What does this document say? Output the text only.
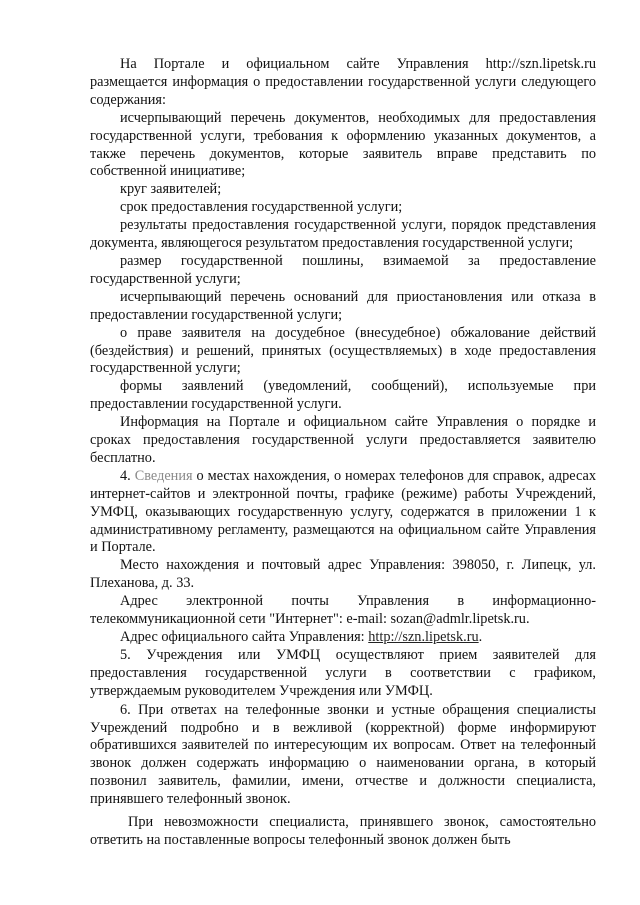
На Портале и официальном сайте Управления http://szn.lipetsk.ru размещается информация о предоставлении государственной услуги следующего содержания:

исчерпывающий перечень документов, необходимых для предоставления государственной услуги, требования к оформлению указанных документов, а также перечень документов, которые заявитель вправе представить по собственной инициативе;

круг заявителей;

срок предоставления государственной услуги;

результаты предоставления государственной услуги, порядок представления документа, являющегося результатом предоставления государственной услуги;

размер государственной пошлины, взимаемой за предоставление государственной услуги;

исчерпывающий перечень оснований для приостановления или отказа в предоставлении государственной услуги;

о праве заявителя на досудебное (внесудебное) обжалование действий (бездействия) и решений, принятых (осуществляемых) в ходе предоставления государственной услуги;

формы заявлений (уведомлений, сообщений), используемые при предоставлении государственной услуги.

Информация на Портале и официальном сайте Управления о порядке и сроках предоставления государственной услуги предоставляется заявителю бесплатно.

4. Сведения о местах нахождения, о номерах телефонов для справок, адресах интернет-сайтов и электронной почты, графике (режиме) работы Учреждений, УМФЦ, оказывающих государственную услугу, содержатся в приложении 1 к административному регламенту, размещаются на официальном сайте Управления и Портале.

Место нахождения и почтовый адрес Управления: 398050, г. Липецк, ул. Плеханова, д. 33.

Адрес электронной почты Управления в информационно-телекоммуникационной сети "Интернет": e-mail: sozan@admlr.lipetsk.ru.

Адрес официального сайта Управления: http://szn.lipetsk.ru.

5. Учреждения или УМФЦ осуществляют прием заявителей для предоставления государственной услуги в соответствии с графиком, утверждаемым руководителем Учреждения или УМФЦ.

6. При ответах на телефонные звонки и устные обращения специалисты Учреждений подробно и в вежливой (корректной) форме информируют обратившихся заявителей по интересующим их вопросам. Ответ на телефонный звонок должен содержать информацию о наименовании органа, в который позвонил заявитель, фамилии, имени, отчестве и должности специалиста, принявшего телефонный звонок.

При невозможности специалиста, принявшего звонок, самостоятельно ответить на поставленные вопросы телефонный звонок должен быть
